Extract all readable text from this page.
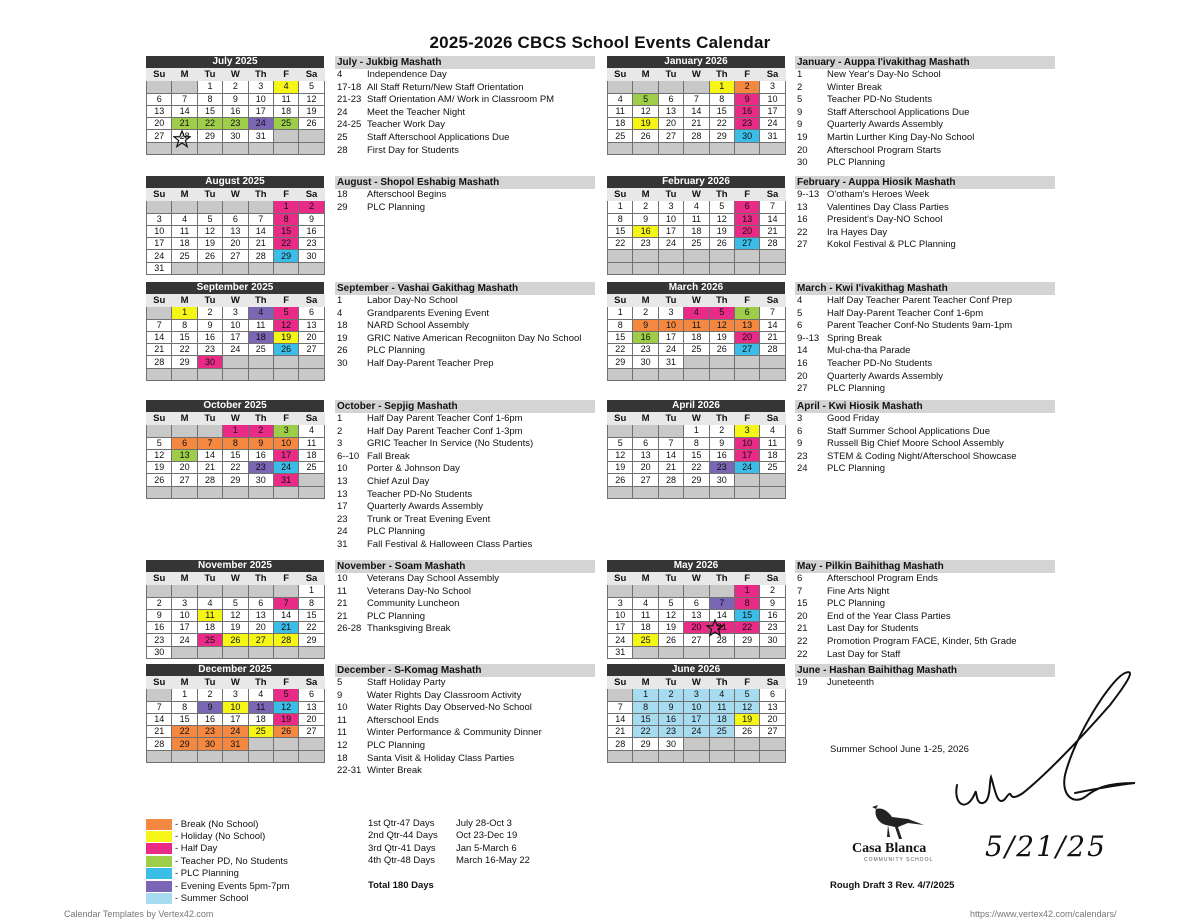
2025-2026 CBCS School Events Calendar
July 2025
Su	M	Tu	W	Th	F	Sa
		1	2	3	4	5
6	7	8	9	10	11	12
13	14	15	16	17	18	19
20	21	22	23	24	25	26
27	28	29	30	31		

August 2025
Su	M	Tu	W	Th	F	Sa
					1	2
3	4	5	6	7	8	9
10	11	12	13	14	15	16
17	18	19	20	21	22	23
24	25	26	27	28	29	30
31						
September 2025
Su	M	Tu	W	Th	F	Sa
	1	2	3	4	5	6
7	8	9	10	11	12	13
14	15	16	17	18	19	20
21	22	23	24	25	26	27
28	29	30				

October 2025
Su	M	Tu	W	Th	F	Sa
			1	2	3	4
5	6	7	8	9	10	11
12	13	14	15	16	17	18
19	20	21	22	23	24	25
26	27	28	29	30	31	

November 2025
Su	M	Tu	W	Th	F	Sa
						1
2	3	4	5	6	7	8
9	10	11	12	13	14	15
16	17	18	19	20	21	22
23	24	25	26	27	28	29
30						
December 2025
Su	M	Tu	W	Th	F	Sa
	1	2	3	4	5	6
7	8	9	10	11	12	13
14	15	16	17	18	19	20
21	22	23	24	25	26	27
28	29	30	31			

January 2026
Su	M	Tu	W	Th	F	Sa
				1	2	3
4	5	6	7	8	9	10
11	12	13	14	15	16	17
18	19	20	21	22	23	24
25	26	27	28	29	30	31

February 2026
Su	M	Tu	W	Th	F	Sa
1	2	3	4	5	6	7
8	9	10	11	12	13	14
15	16	17	18	19	20	21
22	23	24	25	26	27	28

March 2026
Su	M	Tu	W	Th	F	Sa
1	2	3	4	5	6	7
8	9	10	11	12	13	14
15	16	17	18	19	20	21
22	23	24	25	26	27	28
29	30	31				

April 2026
Su	M	Tu	W	Th	F	Sa
			1	2	3	4
5	6	7	8	9	10	11
12	13	14	15	16	17	18
19	20	21	22	23	24	25
26	27	28	29	30		

May 2026
Su	M	Tu	W	Th	F	Sa
					1	2
3	4	5	6	7	8	9
10	11	12	13	14	15	16
17	18	19	20	21	22	23
24	25	26	27	28	29	30
31						
June 2026
Su	M	Tu	W	Th	F	Sa
	1	2	3	4	5	6
7	8	9	10	11	12	13
14	15	16	17	18	19	20
21	22	23	24	25	26	27
28	29	30				

July - Jukbig Mashath
4	Independence Day
17-18 All Staff Return/New Staff Orientation
21-23 Staff Orientation AM/ Work in Classroom PM
24	Meet the Teacher Night
24-25 Teacher Work Day
25	Staff Afterschool Applications Due
28	First Day for Students
August - Shopol Eshabig Mashath
18	Afterschool Begins
29	PLC Planning
September - Vashai Gakithag Mashath
1	Labor Day-No School
4	Grandparents Evening Event
18	NARD School Assembly
19	GRIC Native American Recogniiton Day No School
26	PLC Planning
30	Half Day-Parent Teacher Prep
October - Sepjig Mashath
1	Half Day Parent Teacher Conf 1-6pm
2	Half Day Parent Teacher Conf 1-3pm
3	GRIC Teacher In Service (No Students)
6--10 Fall Break
10	Porter & Johnson Day
13	Chief Azul Day
13	Teacher PD-No Students
17	Quarterly Awards Assembly
23	Trunk or Treat Evening Event
24	PLC Planning
31	Fall Festival & Halloween Class Parties
November - Soam Mashath
10	Veterans Day School Assembly
11	Veterans Day-No School
21	Community Luncheon
21	PLC Planning
26-28 Thanksgiving Break
December - S-Komag Mashath
5	Staff Holiday Party
9	Water Rights Day Classroom Activity
10	Water Rights Day Observed-No School
11	Afterschool Ends
11	Winter Performance & Community Dinner
12	PLC Planning
18	Santa Visit & Holiday Class Parties
22-31 Winter Break
January - Auppa I'ivakithag Mashath
1	New Year's Day-No School
2	Winter Break
5	Teacher PD-No Students
9	Staff Afterschool Applications Due
9	Quarterly Awards Assembly
19	Martin Lurther King Day-No School
20	Afterschool Program Starts
30	PLC Planning
February - Auppa Hiosik Mashath
9--13 O'otham's Heroes Week
13	Valentines Day Class Parties
16	President's Day-NO School
22	Ira Hayes Day
27	Kokol Festival & PLC Planning
March - Kwi I'ivakithag Mashath
4	Half Day Teacher Parent Teacher Conf Prep
5	Half Day-Parent Teacher Conf 1-6pm
6	Parent Teacher Conf-No Students 9am-1pm
9--13 Spring Break
14	Mul-cha-tha Parade
16	Teacher PD-No Students
20	Quarterly Awards Assembly
27	PLC Planning
April - Kwi Hiosik Mashath
3	Good Friday
6	Staff Summer School Applications Due
9	Russell Big Chief Moore School Assembly
23	STEM & Coding Night/Afterschool Showcase
24	PLC Planning
May - Pilkin Baihithag Mashath
6	Afterschool Program Ends
7	Fine Arts Night
15	PLC Planning
20	End of the Year Class Parties
21	Last Day for Students
22	Promotion Program FACE, Kinder, 5th Grade
22	Last Day for Staff
June - Hashan Baihithag Mashath
19	Juneteenth
- Break (No School)
- Holiday (No School)
- Half Day
- Teacher PD, No Students
- PLC Planning
- Evening Events 5pm-7pm
- Summer School
1st Qtr-47 Days	July 28-Oct 3
2nd Qtr-44 Days	Oct 23-Dec 19
3rd Qtr-41 Days	Jan 5-March 6
4th Qtr-48 Days	March 16-May 22
Total 180 Days
Summer School June 1-25, 2026
Rough Draft 3 Rev. 4/7/2025
Casa Blanca
COMMUNITY SCHOOL 5/21/25
Calendar Templates by Vertex42.com	https://www.vertex42.com/calendars/
